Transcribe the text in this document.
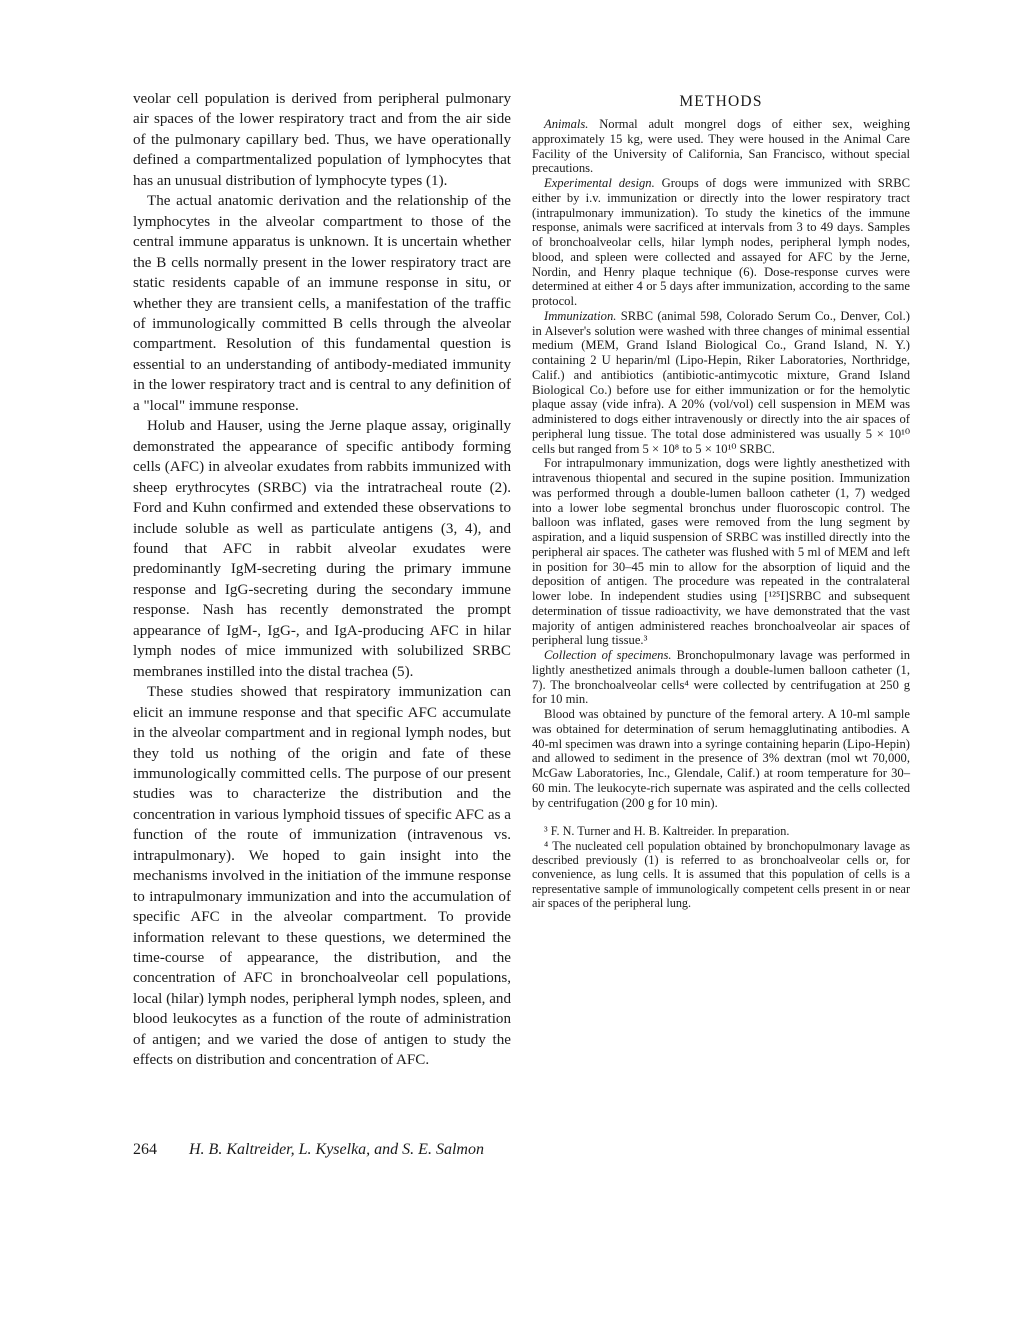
veolar cell population is derived from peripheral pulmonary air spaces of the lower respiratory tract and from the air side of the pulmonary capillary bed. Thus, we have operationally defined a compartmentalized population of lymphocytes that has an unusual distribution of lymphocyte types (1).

The actual anatomic derivation and the relationship of the lymphocytes in the alveolar compartment to those of the central immune apparatus is unknown. It is uncertain whether the B cells normally present in the lower respiratory tract are static residents capable of an immune response in situ, or whether they are transient cells, a manifestation of the traffic of immunologically committed B cells through the alveolar compartment. Resolution of this fundamental question is essential to an understanding of antibody-mediated immunity in the lower respiratory tract and is central to any definition of a "local" immune response.

Holub and Hauser, using the Jerne plaque assay, originally demonstrated the appearance of specific antibody forming cells (AFC) in alveolar exudates from rabbits immunized with sheep erythrocytes (SRBC) via the intratracheal route (2). Ford and Kuhn confirmed and extended these observations to include soluble as well as particulate antigens (3, 4), and found that AFC in rabbit alveolar exudates were predominantly IgM-secreting during the primary immune response and IgG-secreting during the secondary immune response. Nash has recently demonstrated the prompt appearance of IgM-, IgG-, and IgA-producing AFC in hilar lymph nodes of mice immunized with solubilized SRBC membranes instilled into the distal trachea (5).

These studies showed that respiratory immunization can elicit an immune response and that specific AFC accumulate in the alveolar compartment and in regional lymph nodes, but they told us nothing of the origin and fate of these immunologically committed cells. The purpose of our present studies was to characterize the distribution and the concentration in various lymphoid tissues of specific AFC as a function of the route of immunization (intravenous vs. intrapulmonary). We hoped to gain insight into the mechanisms involved in the initiation of the immune response to intrapulmonary immunization and into the accumulation of specific AFC in the alveolar compartment. To provide information relevant to these questions, we determined the time-course of appearance, the distribution, and the concentration of AFC in bronchoalveolar cell populations, local (hilar) lymph nodes, peripheral lymph nodes, spleen, and blood leukocytes as a function of the route of administration of antigen; and we varied the dose of antigen to study the effects on distribution and concentration of AFC.

METHODS

Animals. Normal adult mongrel dogs of either sex, weighing approximately 15 kg, were used. They were housed in the Animal Care Facility of the University of California, San Francisco, without special precautions.

Experimental design. Groups of dogs were immunized with SRBC either by i.v. immunization or directly into the lower respiratory tract (intrapulmonary immunization). To study the kinetics of the immune response, animals were sacrificed at intervals from 3 to 49 days. Samples of bronchoalveolar cells, hilar lymph nodes, peripheral lymph nodes, blood, and spleen were collected and assayed for AFC by the Jerne, Nordin, and Henry plaque technique (6). Dose-response curves were determined at either 4 or 5 days after immunization, according to the same protocol.

Immunization. SRBC (animal 598, Colorado Serum Co., Denver, Col.) in Alsever's solution were washed with three changes of minimal essential medium (MEM, Grand Island Biological Co., Grand Island, N. Y.) containing 2 U heparin/ml (Lipo-Hepin, Riker Laboratories, Northridge, Calif.) and antibiotics (antibiotic-antimycotic mixture, Grand Island Biological Co.) before use for either immunization or for the hemolytic plaque assay (vide infra). A 20% (vol/vol) cell suspension in MEM was administered to dogs either intravenously or directly into the air spaces of peripheral lung tissue. The total dose administered was usually 5 × 10¹⁰ cells but ranged from 5 × 10⁸ to 5 × 10¹⁰ SRBC.

For intrapulmonary immunization, dogs were lightly anesthetized with intravenous thiopental and secured in the supine position. Immunization was performed through a double-lumen balloon catheter (1, 7) wedged into a lower lobe segmental bronchus under fluoroscopic control. The balloon was inflated, gases were removed from the lung segment by aspiration, and a liquid suspension of SRBC was instilled directly into the peripheral air spaces. The catheter was flushed with 5 ml of MEM and left in position for 30–45 min to allow for the absorption of liquid and the deposition of antigen. The procedure was repeated in the contralateral lower lobe. In independent studies using [¹²⁵I]SRBC and subsequent determination of tissue radioactivity, we have demonstrated that the vast majority of antigen administered reaches bronchoalveolar air spaces of peripheral lung tissue.³

Collection of specimens. Bronchopulmonary lavage was performed in lightly anesthetized animals through a double-lumen balloon catheter (1, 7). The bronchoalveolar cells⁴ were collected by centrifugation at 250 g for 10 min.

Blood was obtained by puncture of the femoral artery. A 10-ml sample was obtained for determination of serum hemagglutinating antibodies. A 40-ml specimen was drawn into a syringe containing heparin (Lipo-Hepin) and allowed to sediment in the presence of 3% dextran (mol wt 70,000, McGaw Laboratories, Inc., Glendale, Calif.) at room temperature for 30–60 min. The leukocyte-rich supernate was aspirated and the cells collected by centrifugation (200 g for 10 min).

³ F. N. Turner and H. B. Kaltreider. In preparation.

⁴ The nucleated cell population obtained by bronchopulmonary lavage as described previously (1) is referred to as bronchoalveolar cells or, for convenience, as lung cells. It is assumed that this population of cells is a representative sample of immunologically competent cells present in or near air spaces of the peripheral lung.

264 H. B. Kaltreider, L. Kyselka, and S. E. Salmon
